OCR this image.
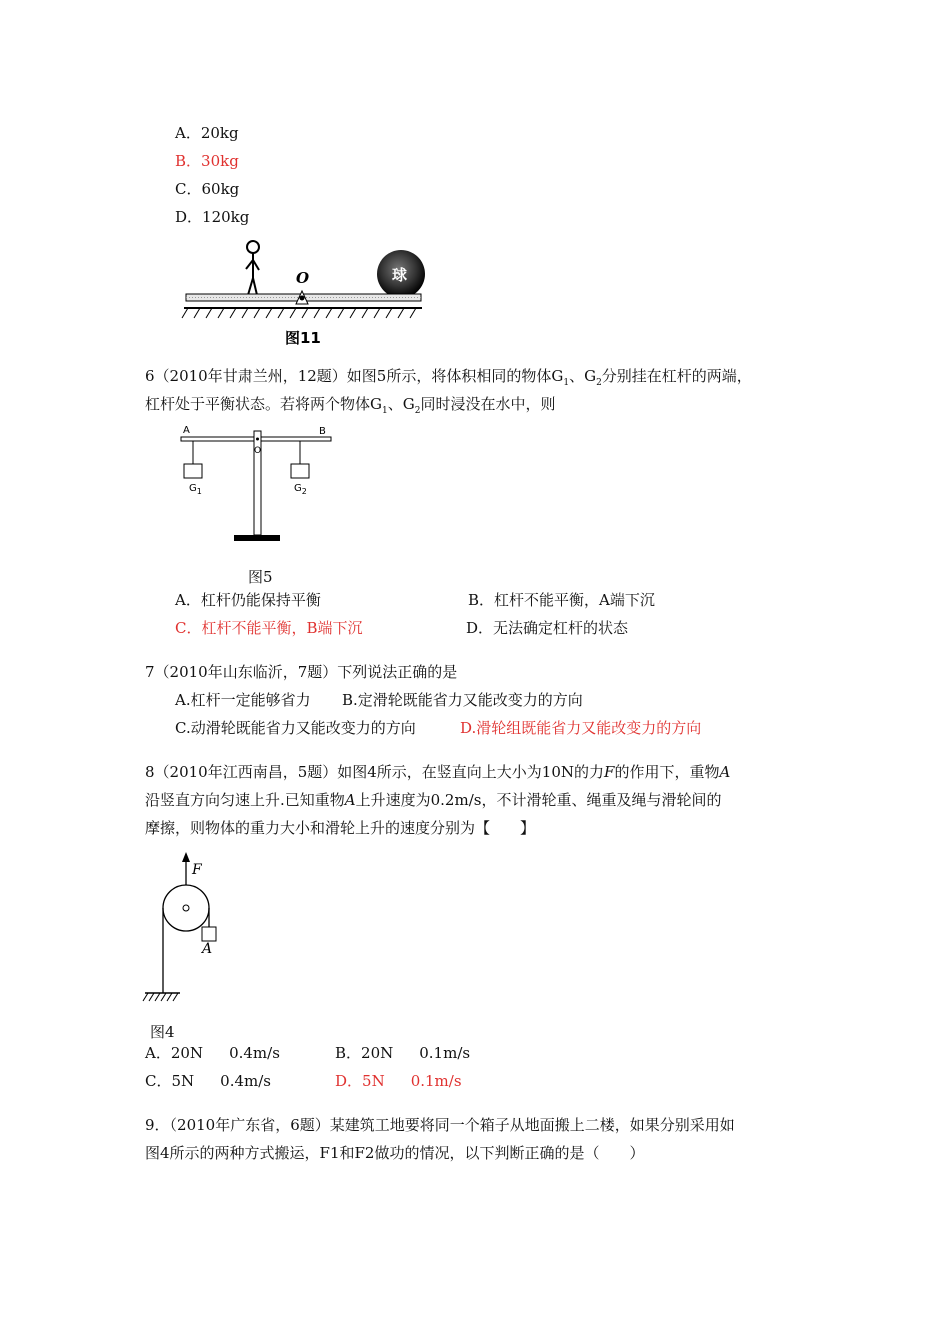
A．20kg
B．30kg
C．60kg
D．120kg
球
O
图11
6（2010年甘肃兰州，12题）如图5所示，将体积相同的物体$G_1$、$G_2$分别挂在杠杆的两端，
杠杆处于平衡状态。若将两个物体$G_1$、$G_2$同时浸没在水中，则
A	B
O
$G_1$	$G_2$
图5
A．杠杆仍能保持平衡	B．杠杆不能平衡，A端下沉
C．杠杆不能平衡，B端下沉	D．无法确定杠杆的状态
7（2010年山东临沂，7题）下列说法正确的是
A.杠杆一定能够省力 B.定滑轮既能省力又能改变力的方向
C.动滑轮既能省力又能改变力的方向	D.滑轮组既能省力又能改变力的方向
8（2010年江西南昌，5题）如图4所示，在竖直向上大小为10N的力F的作用下，重物A
沿竖直方向匀速上升.已知重物A上升速度为0.2m/s，不计滑轮重、绳重及绳与滑轮间的
摩擦，则物体的重力大小和滑轮上升的速度分别为【　　】
F
A
图4
A．20N 0.4m/s	B．20N 0.1m/s
C．5N 0.4m/s	D．5N 0.1m/s
9．（2010年广东省，6题）某建筑工地要将同一个箱子从地面搬上二楼，如果分别采用如
图4所示的两种方式搬运，F1和F2做功的情况，以下判断正确的是（　　）
